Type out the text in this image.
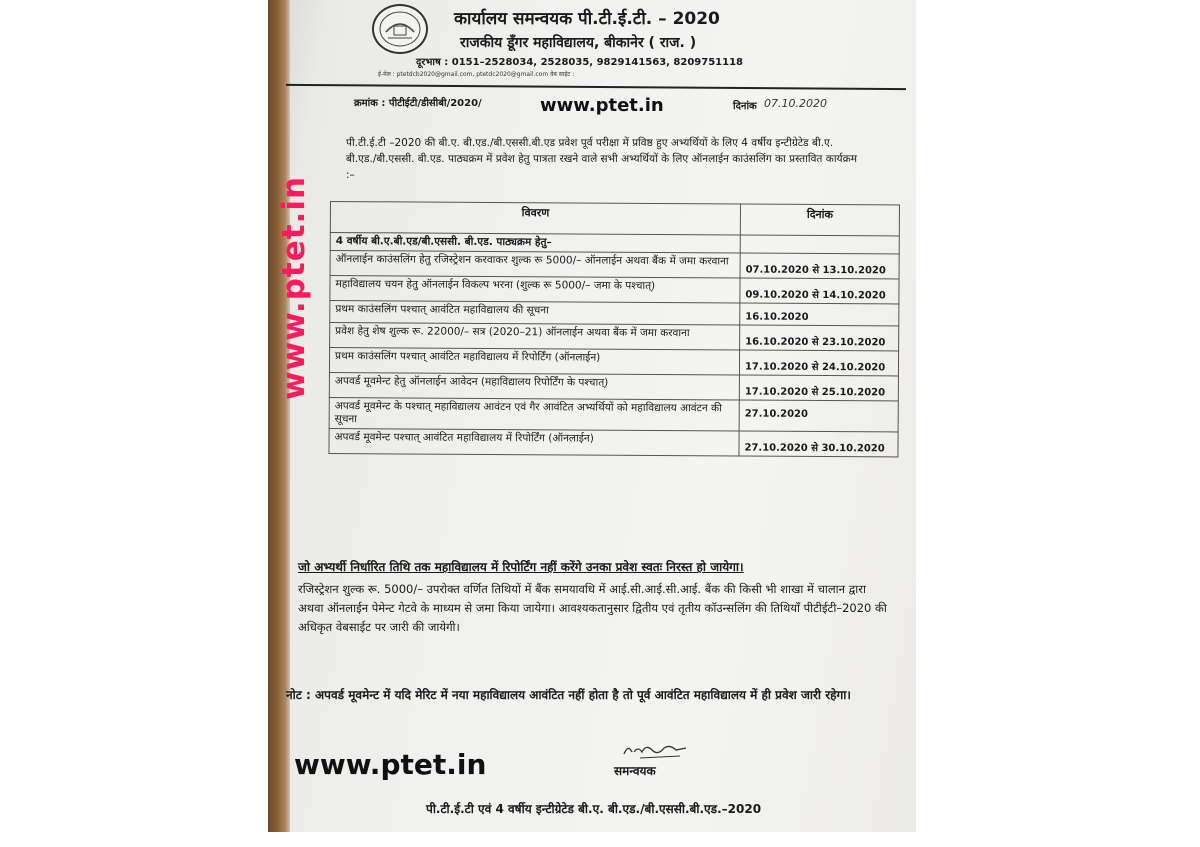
कार्यालय समन्वयक पी.टी.ई.टी. – 2020
राजकीय डूँगर महाविद्यालय, बीकानेर ( राज. )
दूरभाष : 0151–2528034, 2528035, 9829141563, 8209751118
ई-मेल : ptetdcb2020@gmail.com, ptetdc2020@gmail.com वेब साईट :
क्रमांक : पीटीईटी/डीसीबी/2020/	www.ptet.in	दिनांक 07.10.2020
पी.टी.ई.टी –2020 की बी.ए. बी.एड./बी.एससी.बी.एड प्रवेश पूर्व परीक्षा में प्रविष्ठ हुए अभ्यर्थियों के लिए 4 वर्षीय इन्टीग्रेटेड बी.ए. बी.एड./बी.एससी. बी.एड. पाठ्यक्रम में प्रवेश हेतु पात्रता रखने वाले सभी अभ्यर्थियों के लिए ऑनलाईन काउंसलिंग का प्रस्तावित कार्यक्रम :–
विवरण	दिनांक
4 वर्षीय बी.ए.बी.एड/बी.एससी. बी.एड. पाठ्यक्रम हेतु–	
ऑनलाईन काउंसलिंग हेतु रजिस्ट्रेशन करवाकर शुल्क रू 5000/– ऑनलाईन अथवा बैंक में जमा करवाना	07.10.2020 से 13.10.2020
महाविद्यालय चयन हेतु ऑनलाईन विकल्प भरना (शुल्क रू 5000/– जमा के पश्चात्)	09.10.2020 से 14.10.2020
प्रथम काउंसलिंग पश्चात् आवंटित महाविद्यालय की सूचना	16.10.2020
प्रवेश हेतु शेष शुल्क रू. 22000/– सत्र (2020–21) ऑनलाईन अथवा बैंक में जमा करवाना	16.10.2020 से 23.10.2020
प्रथम काउंसलिंग पश्चात् आवंटित महाविद्यालय में रिपोर्टिंग (ऑनलाईन)	17.10.2020 से 24.10.2020
अपवर्ड मूवमेन्ट हेतु ऑनलाईन आवेदन (महाविद्यालय रिपोर्टिंग के पश्चात्)	17.10.2020 से 25.10.2020
अपवर्ड मूवमेन्ट के पश्चात् महाविद्यालय आवंटन एवं गैर आवंटित अभ्यर्थियों को महाविद्यालय आवंटन की सूचना	27.10.2020
अपवर्ड मूवमेन्ट पश्चात् आवंटित महाविद्यालय में रिपोर्टिंग (ऑनलाईन)	27.10.2020 से 30.10.2020
www.ptet.in
जो अभ्यर्थी निर्धारित तिथि तक महाविद्यालय में रिपोर्टिंग नहीं करेंगे उनका प्रवेश स्वतः निरस्त हो जायेगा।
रजिस्ट्रेशन शुल्क रू. 5000/– उपरोक्त वर्णित तिथियों में बैंक समयावधि में आई.सी.आई.सी.आई. बैंक की किसी भी शाखा में चालान द्वारा अथवा ऑनलाईन पेमेन्ट गेटवे के माध्यम से जमा किया जायेगा। आवश्यकतानुसार द्वितीय एवं तृतीय कॉउन्सलिंग की तिथियाँ पीटीईटी–2020 की अधिकृत वेबसाईट पर जारी की जायेगी।
नोट : अपवर्ड मूवमेन्ट में यदि मेरिट में नया महाविद्यालय आवंटित नहीं होता है तो पूर्व आवंटित महाविद्यालय में ही प्रवेश जारी रहेगा।
समन्वयक
www.ptet.in
पी.टी.ई.टी एवं 4 वर्षीय इन्टीग्रेटेड बी.ए. बी.एड./बी.एससी.बी.एड.–2020
